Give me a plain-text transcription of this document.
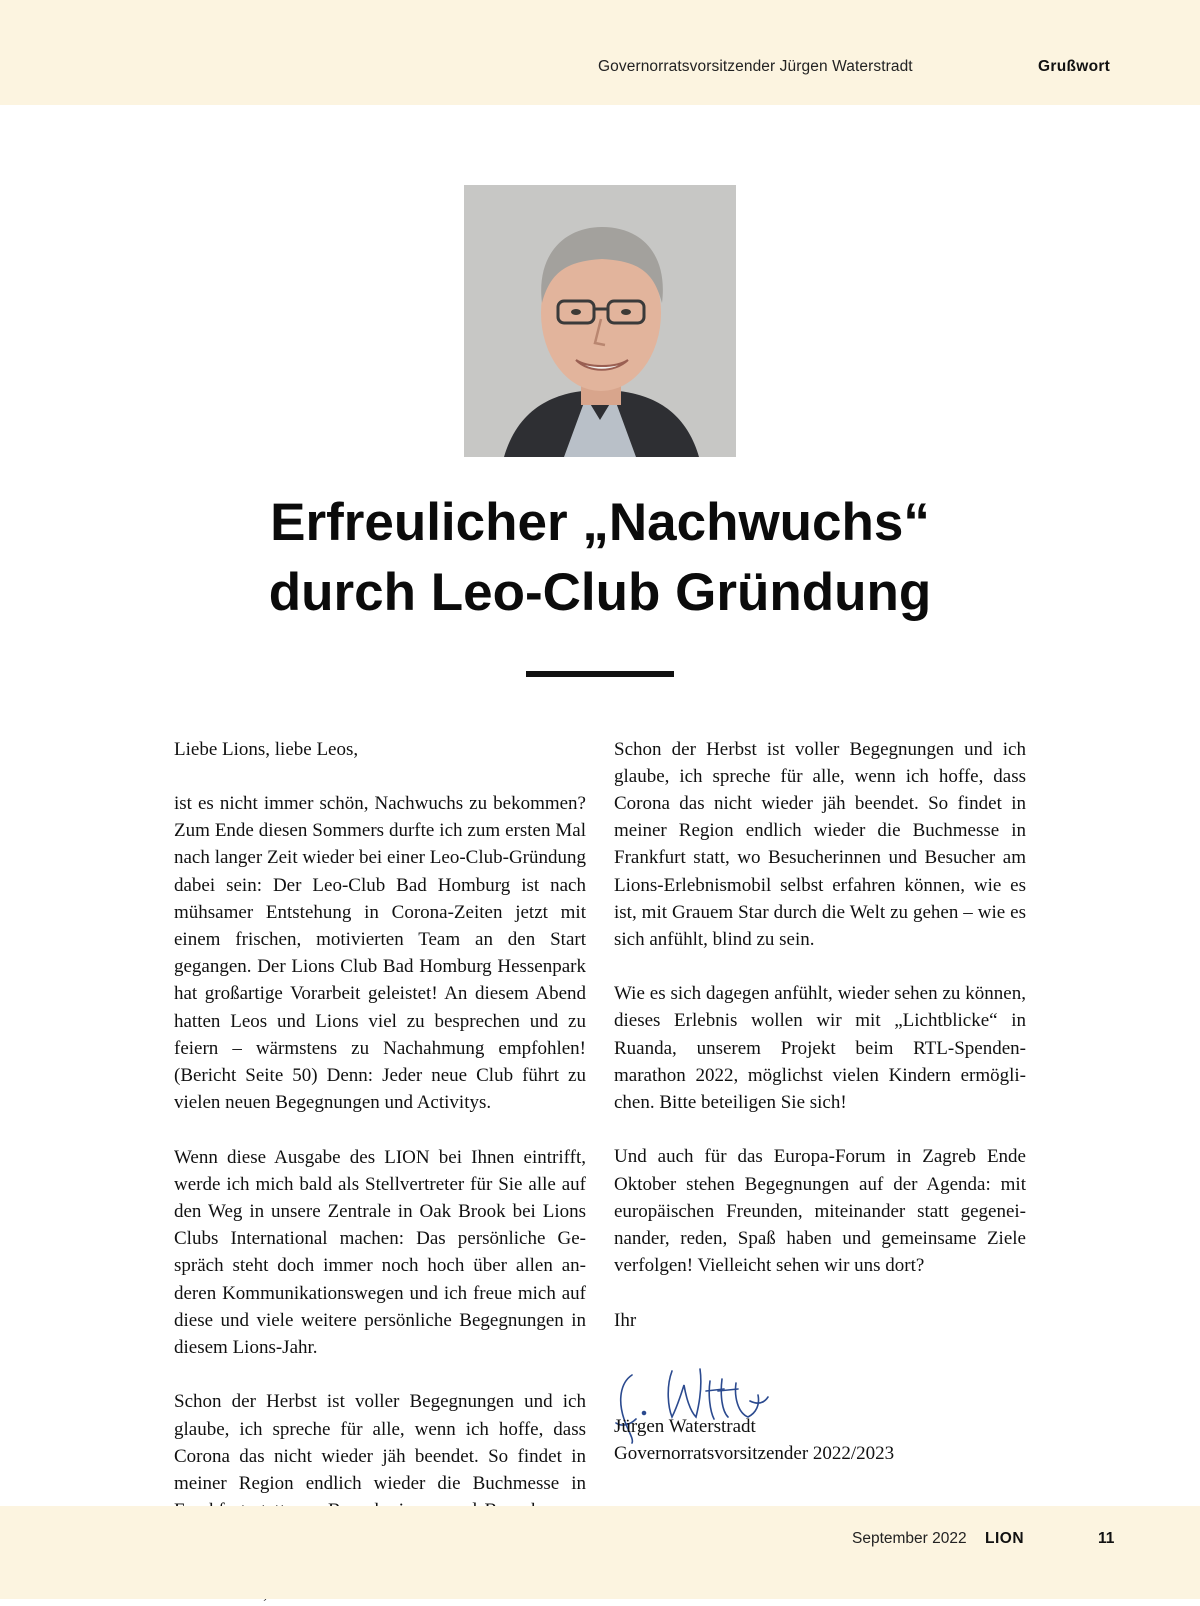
Governorratsvorsitzender Jürgen Waterstradt	Grußwort
Erfreulicher „Nachwuchs“
durch Leo-Club Gründung
Liebe Lions, liebe Leos,

ist es nicht immer schön, Nachwuchs zu bekommen? Zum Ende diesen Sommers durfte ich zum ersten Mal nach langer Zeit wieder bei einer Leo-Club-Gründung dabei sein: Der Leo-Club Bad Homburg ist nach mühsamer Entstehung in Corona-Zeiten jetzt mit einem frischen, motivierten Team an den Start gegangen. Der Lions Club Bad Homburg Hessenpark hat großartige Vorarbeit geleistet! An diesem Abend hatten Leos und Lions viel zu besprechen und zu feiern – wärmstens zu Nachahmung empfohlen! (Bericht Seite 50) Denn: Jeder neue Club führt zu vielen neuen Begegnungen und Activitys.

Wenn diese Ausgabe des LION bei Ihnen eintrifft, werde ich mich bald als Stellvertreter für Sie alle auf den Weg in unsere Zentrale in Oak Brook bei Lions Clubs International machen: Das persönliche Gespräch steht doch immer noch hoch über allen anderen Kommunikationswegen und ich freue mich auf diese und viele weitere persönliche Begegnungen in diesem Lions-Jahr.

Schon der Herbst ist voller Begegnungen und ich glaube, ich spreche für alle, wenn ich hoffe, dass Corona das nicht wieder jäh beendet. So findet in meiner Region endlich wieder die Buchmesse in

Schon der Herbst ist voller Begegnungen und ich glaube, ich spreche für alle, wenn ich hoffe, dass Corona das nicht wieder jäh beendet. So findet in meiner Region endlich wieder die Buchmesse in Frankfurt statt, wo Besucherinnen und Besucher am Lions-Erlebnismobil selbst erfahren können, wie es ist, mit Grauem Star durch die Welt zu gehen – wie es sich anfühlt, blind zu sein.

Wie es sich dagegen anfühlt, wieder sehen zu können, dieses Erlebnis wollen wir mit „Lichtblicke“ in Ruanda, unserem Projekt beim RTL-Spendenmarathon 2022, möglichst vielen Kindern ermöglichen. Bitte beteiligen Sie sich!

Und auch für das Europa-Forum in Zagreb Ende Oktober stehen Begegnungen auf der Agenda: mit europäischen Freunden, miteinander statt gegeneinander, reden, Spaß haben und gemeinsame Ziele verfolgen! Vielleicht sehen wir uns dort?

Ihr

Jürgen Waterstradt
Governorratsvorsitzender 2022/2023
September 2022 LION	11
